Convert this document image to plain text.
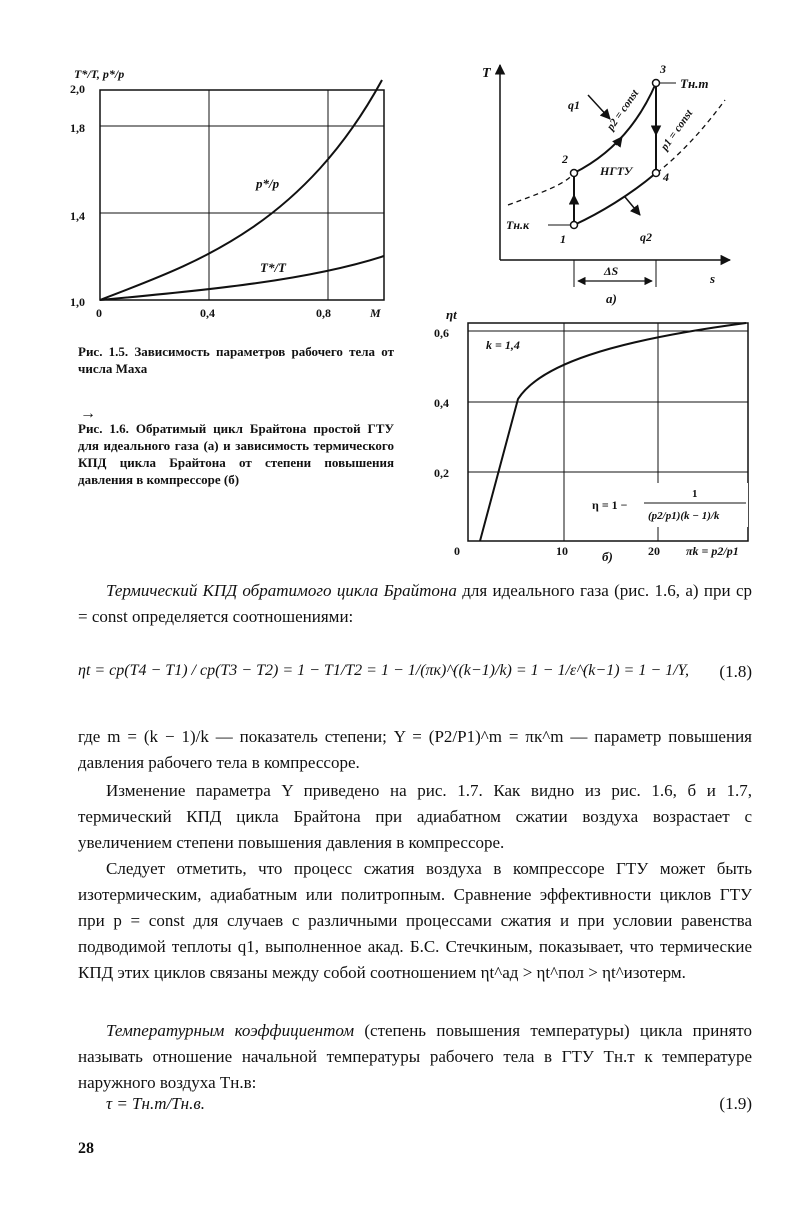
T*/T, p*/p
2,0
1,8
1,4
1,0
0	0,4	0,8	M
p*/p
T*/T
Рис. 1.5. Зависимость параметров рабочего тела от числа Маха
→
Рис. 1.6. Обратимый цикл Брайтона простой ГТУ для идеального газа (а) и зависимость термического КПД цикла Брайтона от степени повышения давления в компрессоре (б)
T
s
1
2
3
4
Tн.т
Tн.к
p2 = const p1 = const
q1
q2
HГТУ
ΔS
а)
ηt
0,6
0,4
0,2
0	10	20 πk = p2/p1
б)
k = 1,4
η = 1 −
1
(p2/p1)(k − 1)/k

Термический КПД обратимого цикла Брайтона для идеального газа (рис. 1.6, а) при cp = const определяется соотношениями:

ηt = cp(T4 − T1) / cp(T3 − T2) = 1 − T1/T2 = 1 − 1/(πк)^((k−1)/k) = 1 − 1/ε^(k−1) = 1 − 1/Y, (1.8)

где m = (k − 1)/k — показатель степени; Y = (P2/P1)^m = πк^m — параметр повышения давления рабочего тела в компрессоре.

Изменение параметра Y приведено на рис. 1.7. Как видно из рис. 1.6, б и 1.7, термический КПД цикла Брайтона при адиабатном сжатии воздуха возрастает с увеличением степени повышения давления в компрессоре.

Следует отметить, что процесс сжатия воздуха в компрессоре ГТУ может быть изотермическим, адиабатным или политропным. Сравнение эффективности циклов ГТУ при p = const для случаев с различными процессами сжатия и при условии равенства подводимой теплоты q1, выполненное акад. Б.С. Стечкиным, показывает, что термические КПД этих циклов связаны между собой соотношением ηt^ад > ηt^пол > ηt^изотерм.

Температурным коэффициентом (степень повышения температуры) цикла принято называть отношение начальной температуры рабочего тела в ГТУ Tн.т к температуре наружного воздуха Tн.в:

τ = Tн.т/Tн.в.	(1.9)
28
